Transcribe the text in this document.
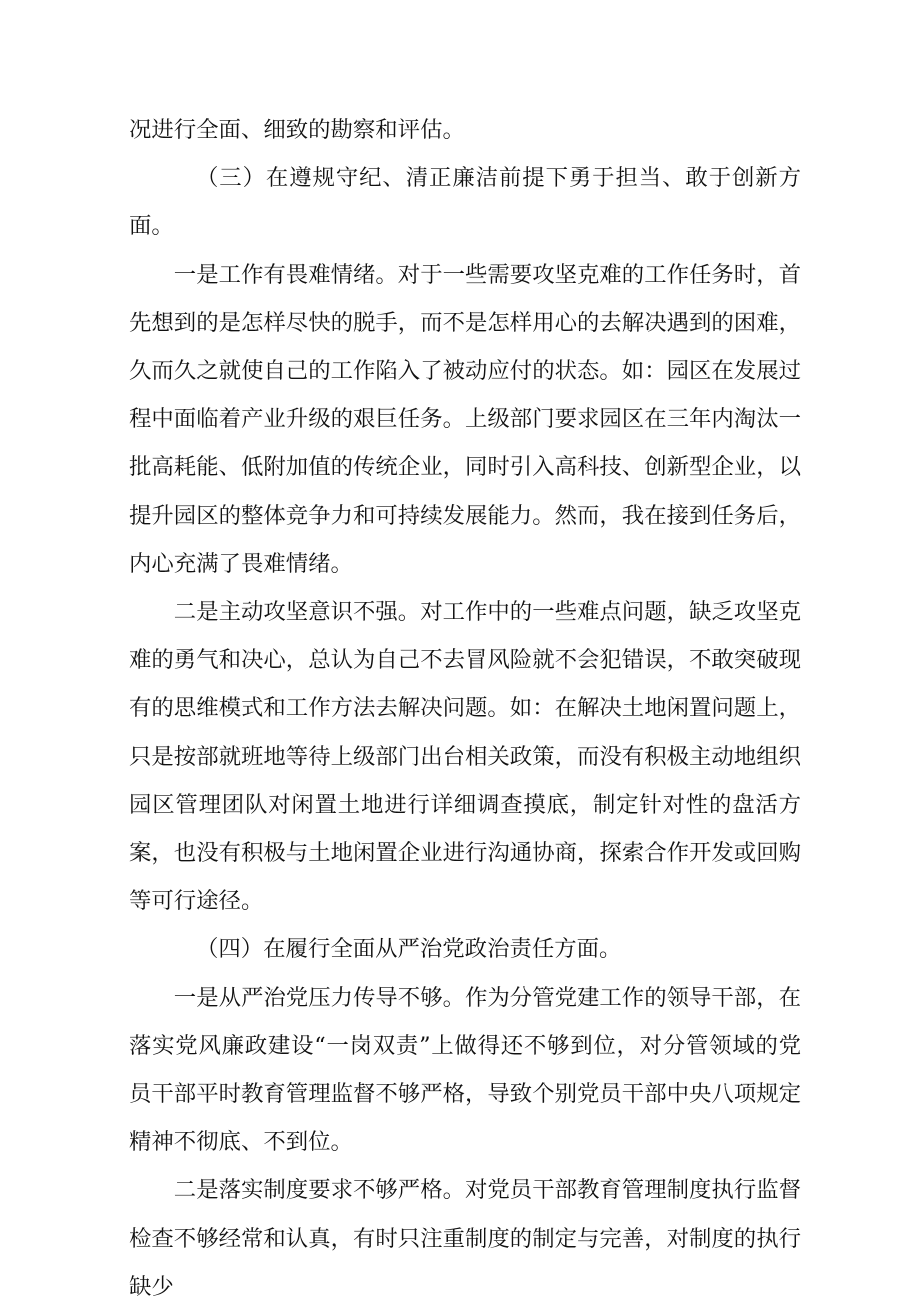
况进行全面、细致的勘察和评估。

（三）在遵规守纪、清正廉洁前提下勇于担当、敢于创新方面。

一是工作有畏难情绪。对于一些需要攻坚克难的工作任务时，首先想到的是怎样尽快的脱手，而不是怎样用心的去解决遇到的困难，久而久之就使自己的工作陷入了被动应付的状态。如：园区在发展过程中面临着产业升级的艰巨任务。上级部门要求园区在三年内淘汰一批高耗能、低附加值的传统企业，同时引入高科技、创新型企业，以提升园区的整体竞争力和可持续发展能力。然而，我在接到任务后，内心充满了畏难情绪。

二是主动攻坚意识不强。对工作中的一些难点问题，缺乏攻坚克难的勇气和决心，总认为自己不去冒风险就不会犯错误，不敢突破现有的思维模式和工作方法去解决问题。如：在解决土地闲置问题上，只是按部就班地等待上级部门出台相关政策，而没有积极主动地组织园区管理团队对闲置土地进行详细调查摸底，制定针对性的盘活方案，也没有积极与土地闲置企业进行沟通协商，探索合作开发或回购等可行途径。

（四）在履行全面从严治党政治责任方面。

一是从严治党压力传导不够。作为分管党建工作的领导干部，在落实党风廉政建设“一岗双责”上做得还不够到位，对分管领域的党员干部平时教育管理监督不够严格，导致个别党员干部中央八项规定精神不彻底、不到位。

二是落实制度要求不够严格。对党员干部教育管理制度执行监督检查不够经常和认真，有时只注重制度的制定与完善，对制度的执行缺少
